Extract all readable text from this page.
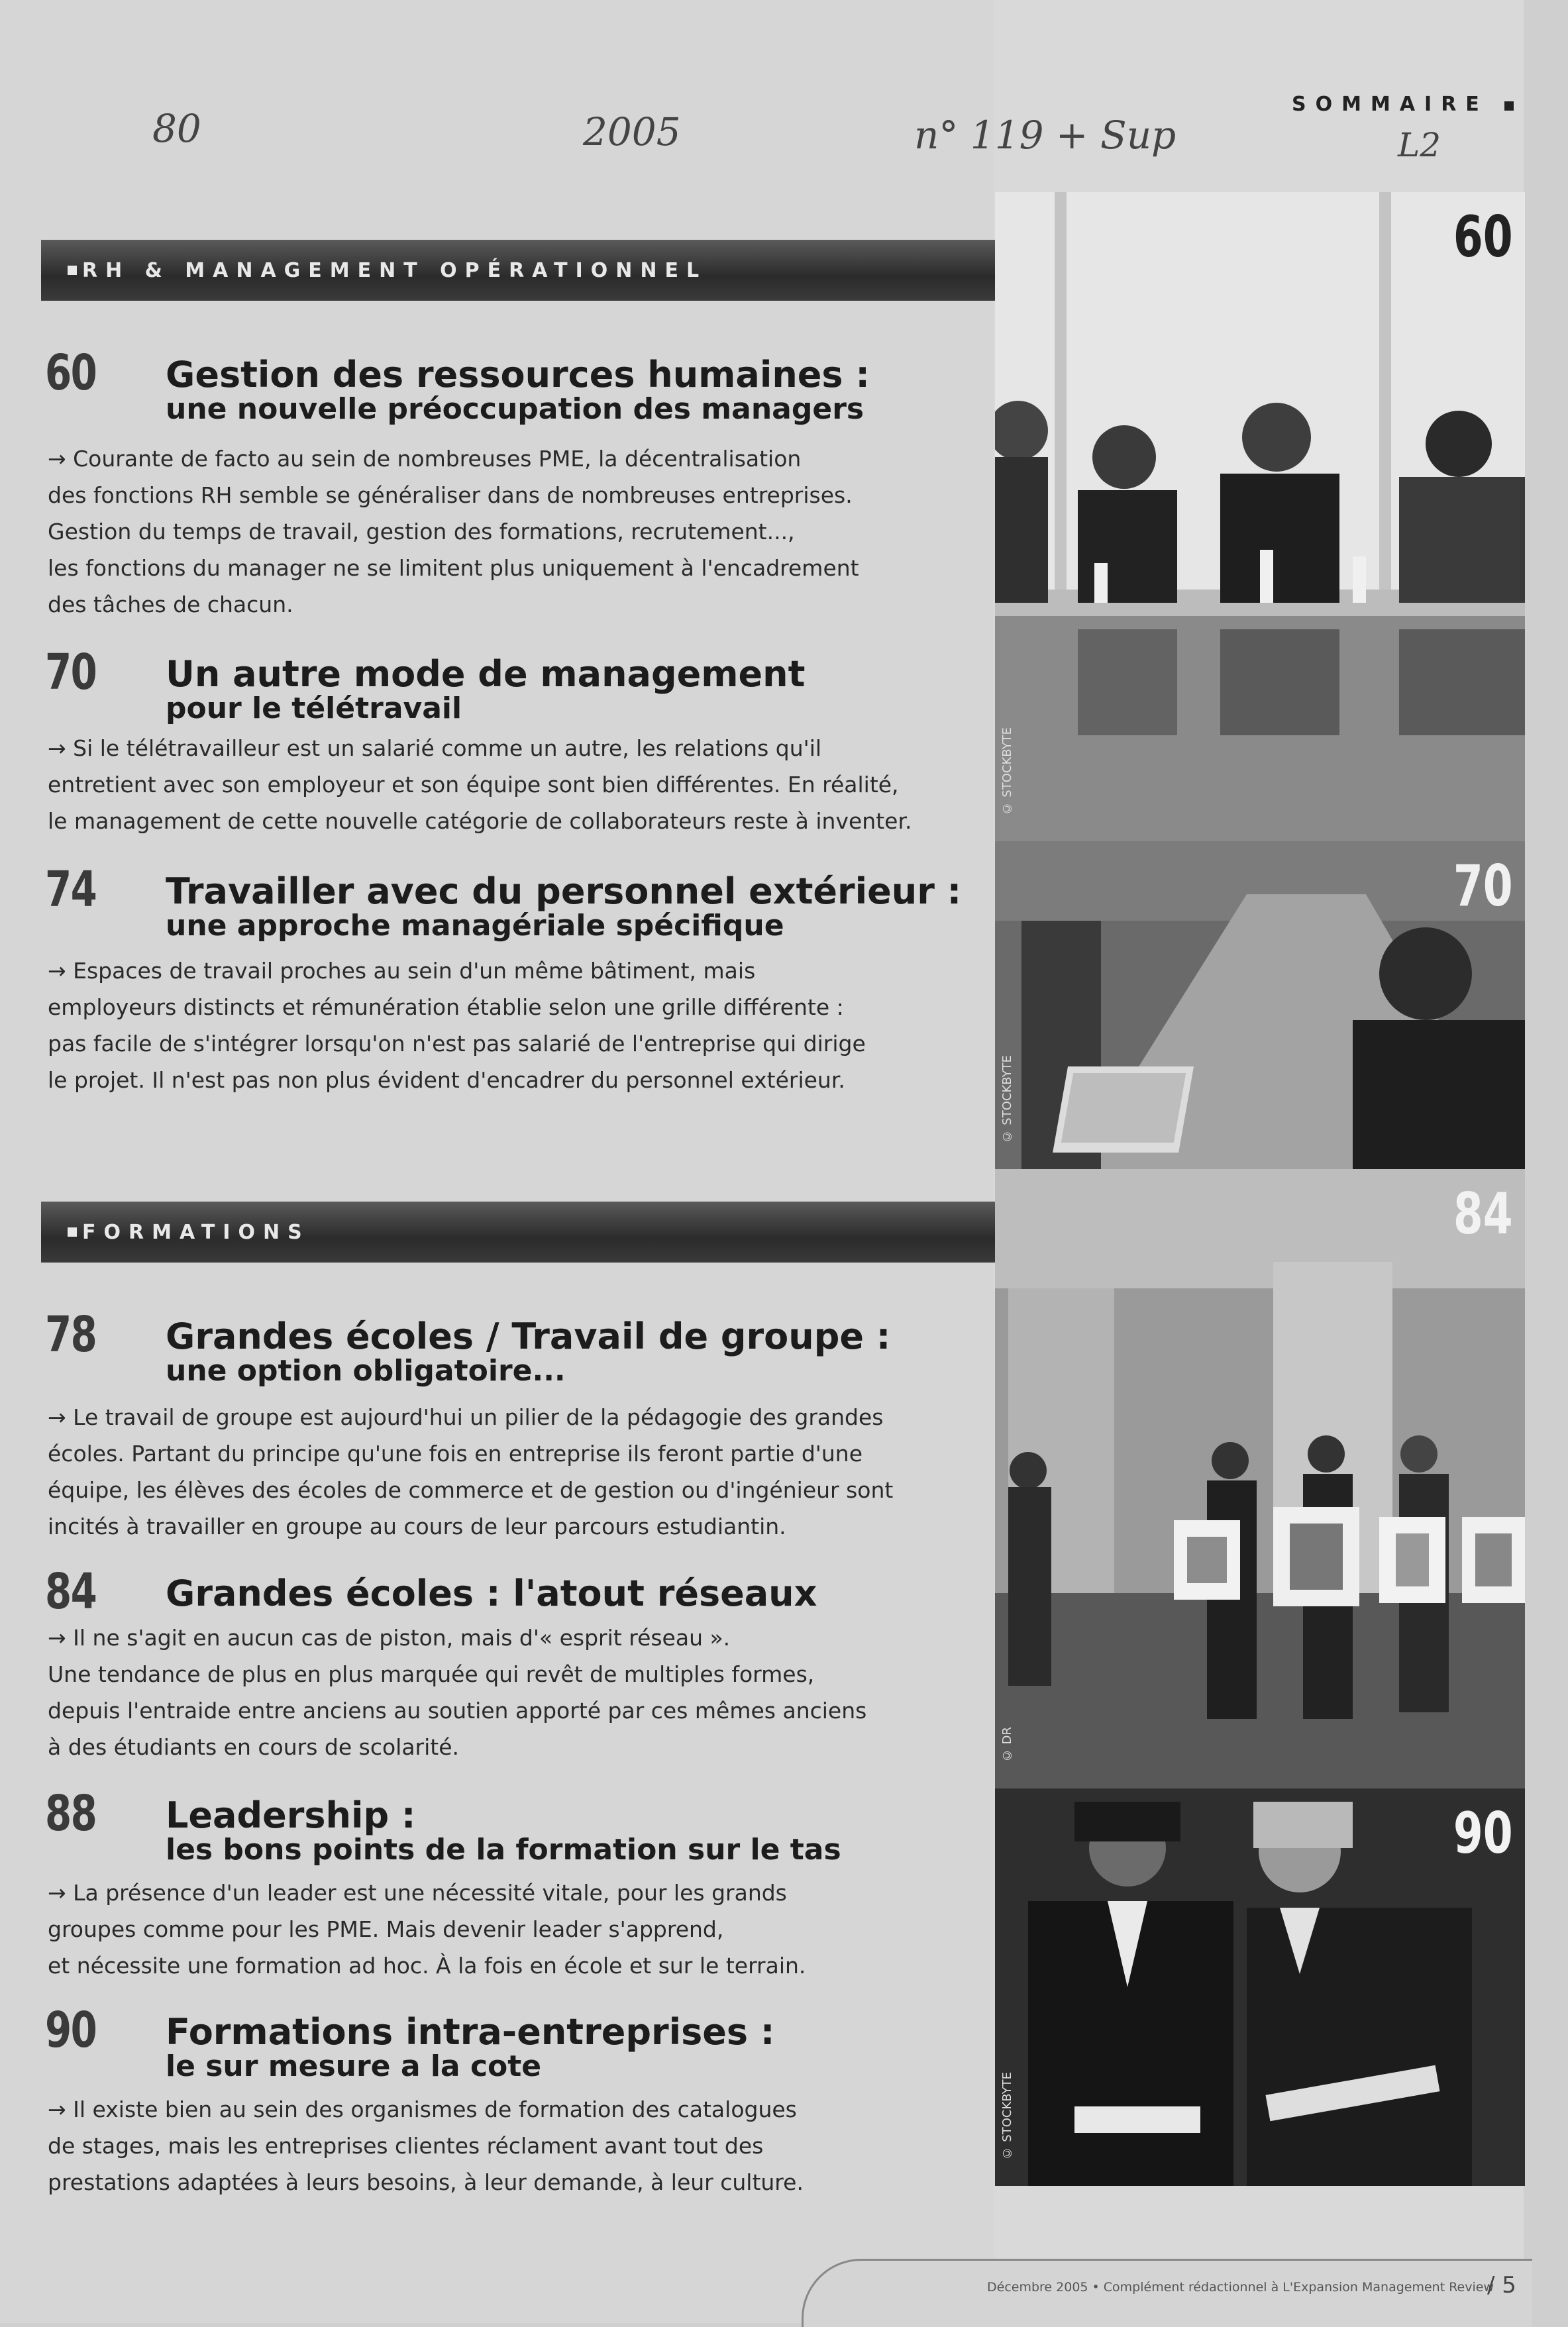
80	2005	n° 119 + Sup	L2
SOMMAIRE
RH & MANAGEMENT OPÉRATIONNEL
FORMATIONS
60 Gestion des ressources humaines :
une nouvelle préoccupation des managers
→ Courante de facto au sein de nombreuses PME, la décentralisation
des fonctions RH semble se généraliser dans de nombreuses entreprises.
Gestion du temps de travail, gestion des formations, recrutement...,
les fonctions du manager ne se limitent plus uniquement à l'encadrement
des tâches de chacun.
70 Un autre mode de management
pour le télétravail
→ Si le télétravailleur est un salarié comme un autre, les relations qu'il
entretient avec son employeur et son équipe sont bien différentes. En réalité,
le management de cette nouvelle catégorie de collaborateurs reste à inventer.
74 Travailler avec du personnel extérieur :
une approche managériale spécifique
→ Espaces de travail proches au sein d'un même bâtiment, mais
employeurs distincts et rémunération établie selon une grille différente :
pas facile de s'intégrer lorsqu'on n'est pas salarié de l'entreprise qui dirige
le projet. Il n'est pas non plus évident d'encadrer du personnel extérieur.
78 Grandes écoles / Travail de groupe :
une option obligatoire...
→ Le travail de groupe est aujourd'hui un pilier de la pédagogie des grandes
écoles. Partant du principe qu'une fois en entreprise ils feront partie d'une
équipe, les élèves des écoles de commerce et de gestion ou d'ingénieur sont
incités à travailler en groupe au cours de leur parcours estudiantin.
84 Grandes écoles : l'atout réseaux
→ Il ne s'agit en aucun cas de piston, mais d'« esprit réseau ».
Une tendance de plus en plus marquée qui revêt de multiples formes,
depuis l'entraide entre anciens au soutien apporté par ces mêmes anciens
à des étudiants en cours de scolarité.
88 Leadership :
les bons points de la formation sur le tas
→ La présence d'un leader est une nécessité vitale, pour les grands
groupes comme pour les PME. Mais devenir leader s'apprend,
et nécessite une formation ad hoc. À la fois en école et sur le terrain.
90 Formations intra-entreprises :
le sur mesure a la cote
→ Il existe bien au sein des organismes de formation des catalogues
de stages, mais les entreprises clientes réclament avant tout des
prestations adaptées à leurs besoins, à leur demande, à leur culture.
60
© STOCKBYTE
70
© STOCKBYTE
84
© DR
90
© STOCKBYTE
Décembre 2005 • Complément rédactionnel à L'Expansion Management Review
/ 5
